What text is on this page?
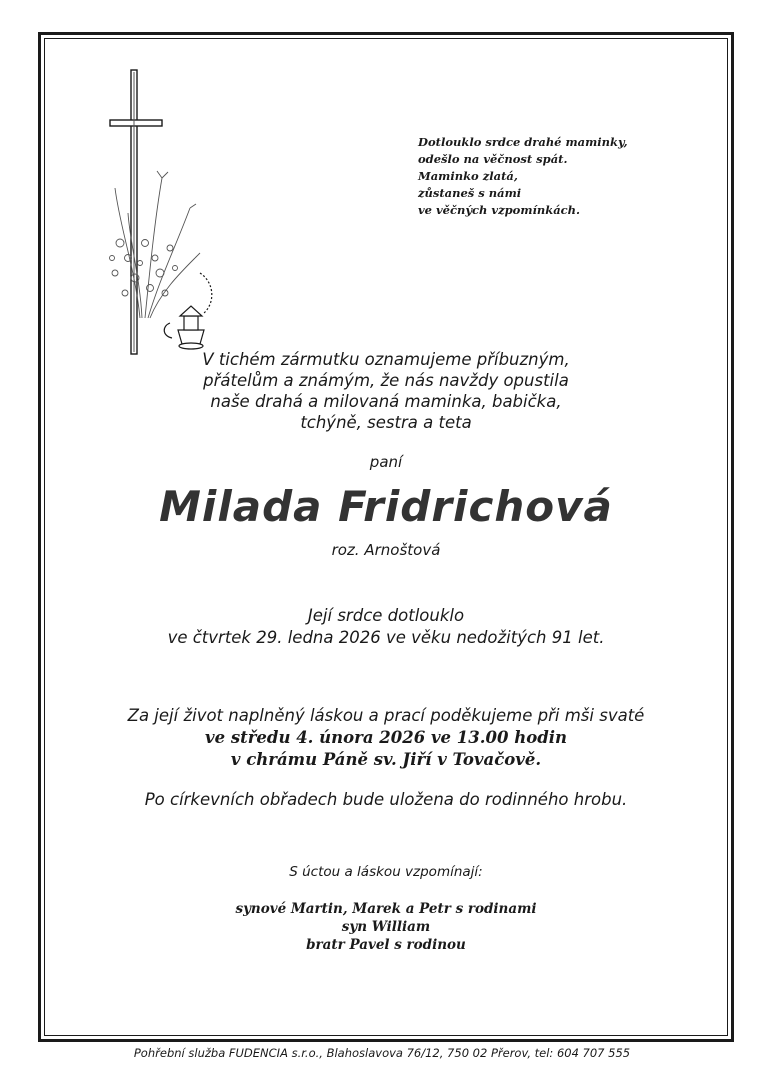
Dotlouklo srdce drahé maminky,
odešlo na věčnost spát.
Maminko zlatá,
zůstaneš s námi
ve věčných vzpomínkách.
V tichém zármutku oznamujeme příbuzným,
přátelům a známým, že nás navždy opustila
naše drahá a milovaná maminka, babička,
tchýně, sestra a teta
paní
Milada Fridrichová
roz. Arnoštová
Její srdce dotlouklo
ve čtvrtek 29. ledna 2026 ve věku nedožitých 91 let.
Za její život naplněný láskou a prací poděkujeme při mši svaté
ve středu 4. února 2026 ve 13.00 hodin
v chrámu Páně sv. Jiří v Tovačově.
Po církevních obřadech bude uložena do rodinného hrobu.
S úctou a láskou vzpomínají:
synové Martin, Marek a Petr s rodinami
syn William
bratr Pavel s rodinou
Pohřební služba FUDENCIA s.r.o., Blahoslavova 76/12, 750 02 Přerov, tel: 604 707 555
